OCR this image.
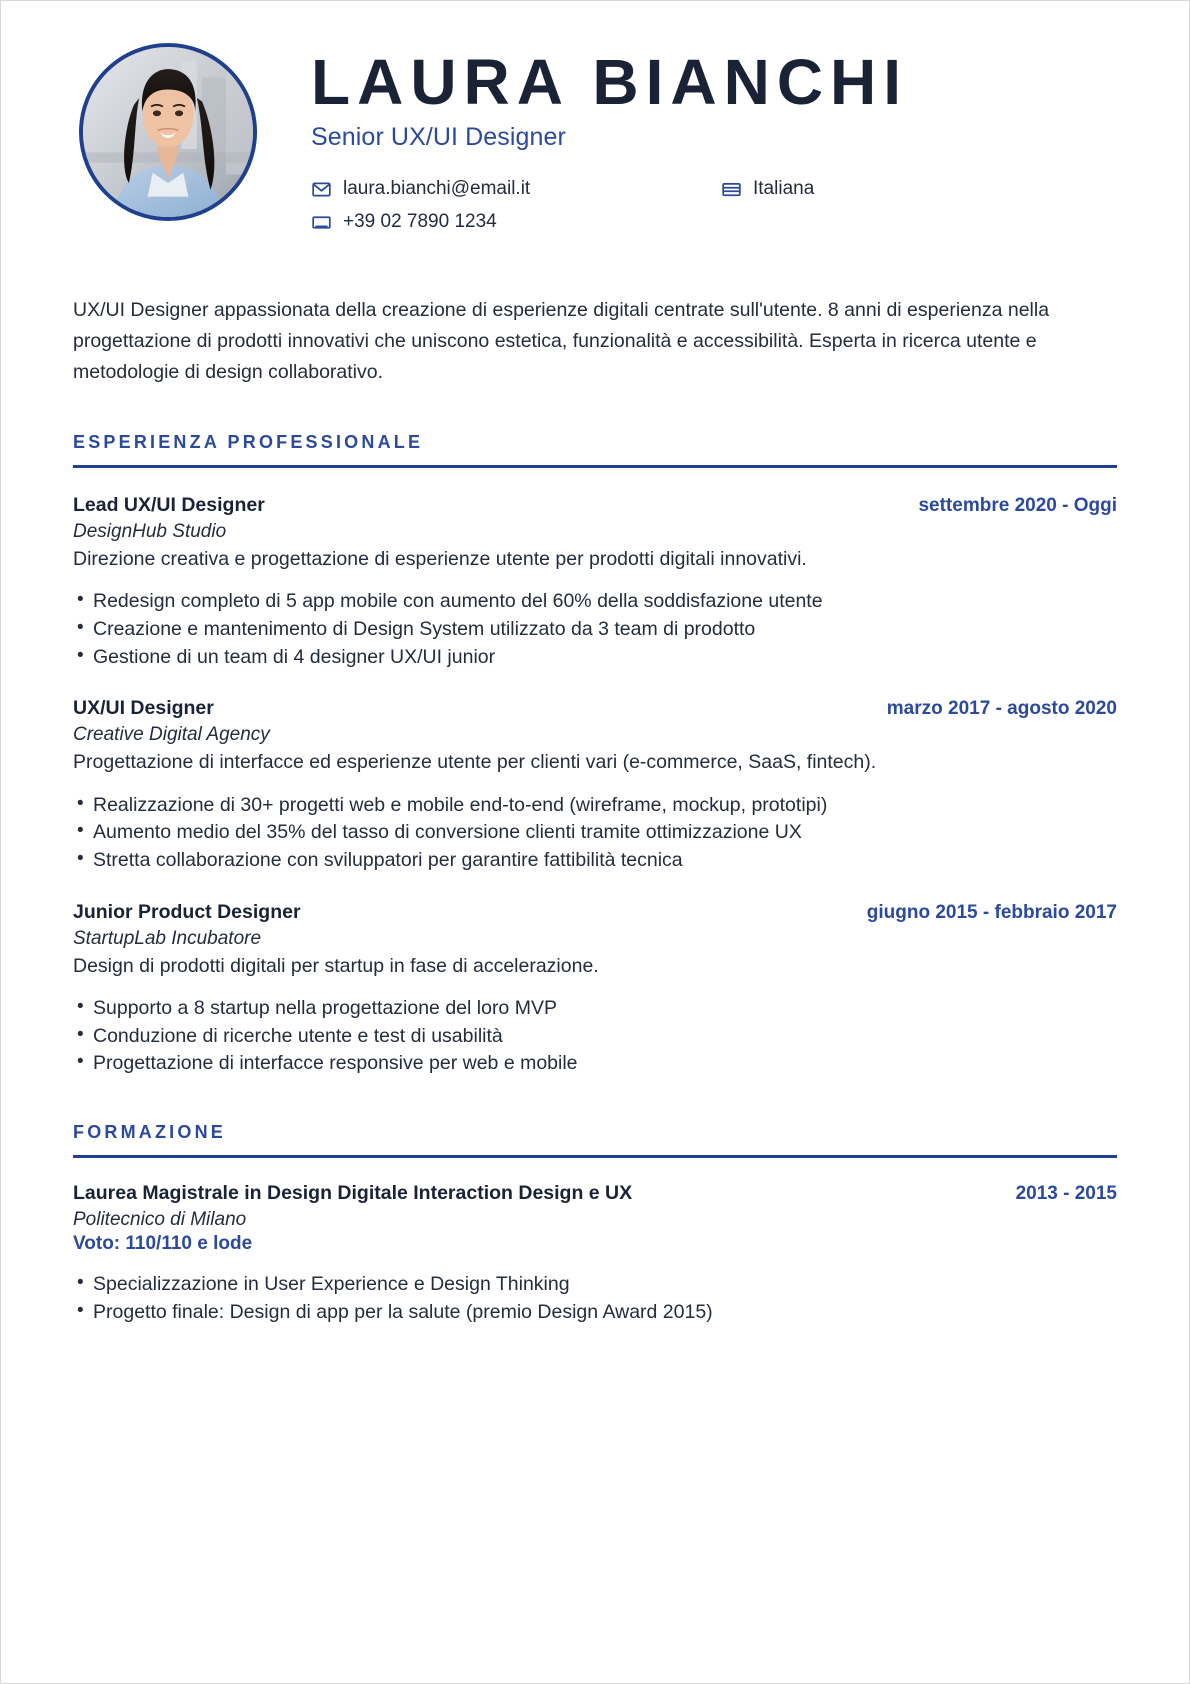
LAURA BIANCHI
Senior UX/UI Designer
laura.bianchi@email.it	Italiana
+39 02 7890 1234
UX/UI Designer appassionata della creazione di esperienze digitali centrate sull'utente. 8 anni di esperienza nella progettazione di prodotti innovativi che uniscono estetica, funzionalità e accessibilità. Esperta in ricerca utente e metodologie di design collaborativo.
ESPERIENZA PROFESSIONALE
Lead UX/UI Designer	settembre 2020 - Oggi
DesignHub Studio
Direzione creativa e progettazione di esperienze utente per prodotti digitali innovativi.
• Redesign completo di 5 app mobile con aumento del 60% della soddisfazione utente
• Creazione e mantenimento di Design System utilizzato da 3 team di prodotto
• Gestione di un team di 4 designer UX/UI junior
UX/UI Designer	marzo 2017 - agosto 2020
Creative Digital Agency
Progettazione di interfacce ed esperienze utente per clienti vari (e-commerce, SaaS, fintech).
• Realizzazione di 30+ progetti web e mobile end-to-end (wireframe, mockup, prototipi)
• Aumento medio del 35% del tasso di conversione clienti tramite ottimizzazione UX
• Stretta collaborazione con sviluppatori per garantire fattibilità tecnica
Junior Product Designer	giugno 2015 - febbraio 2017
StartupLab Incubatore
Design di prodotti digitali per startup in fase di accelerazione.
• Supporto a 8 startup nella progettazione del loro MVP
• Conduzione di ricerche utente e test di usabilità
• Progettazione di interfacce responsive per web e mobile
FORMAZIONE
Laurea Magistrale in Design Digitale Interaction Design e UX	2013 - 2015
Politecnico di Milano
Voto: 110/110 e lode
• Specializzazione in User Experience e Design Thinking
• Progetto finale: Design di app per la salute (premio Design Award 2015)
